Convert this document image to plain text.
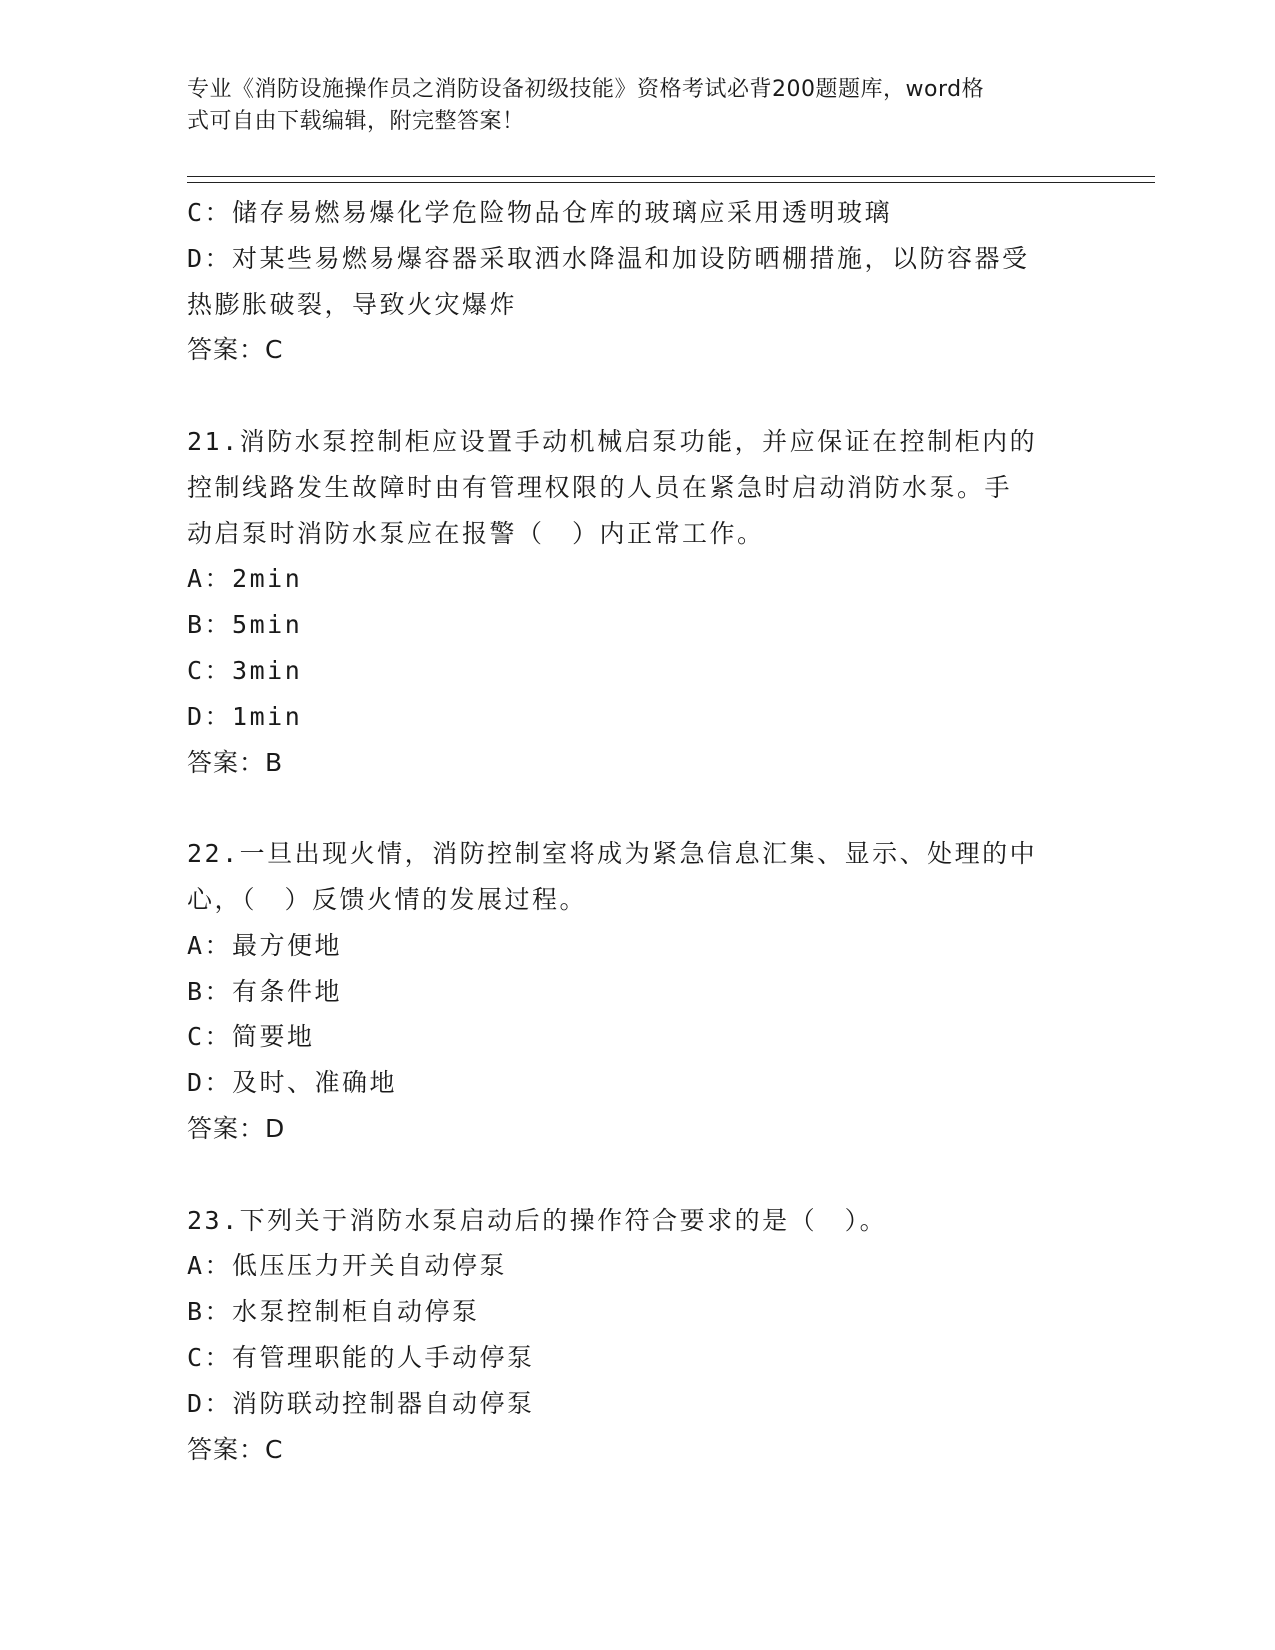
专业《消防设施操作员之消防设备初级技能》资格考试必背200题题库，word格
式可自由下载编辑，附完整答案！
C：储存易燃易爆化学危险物品仓库的玻璃应采用透明玻璃
D：对某些易燃易爆容器采取洒水降温和加设防晒棚措施，以防容器受
热膨胀破裂，导致火灾爆炸
答案：C
21.消防水泵控制柜应设置手动机械启泵功能，并应保证在控制柜内的
控制线路发生故障时由有管理权限的人员在紧急时启动消防水泵。手
动启泵时消防水泵应在报警（　）内正常工作。
A：2min
B：5min
C：3min
D：1min
答案：B
22.一旦出现火情，消防控制室将成为紧急信息汇集、显示、处理的中
心，（　）反馈火情的发展过程。
A：最方便地
B：有条件地
C：简要地
D：及时、准确地
答案：D
23.下列关于消防水泵启动后的操作符合要求的是（　）。
A：低压压力开关自动停泵
B：水泵控制柜自动停泵
C：有管理职能的人手动停泵
D：消防联动控制器自动停泵
答案：C
